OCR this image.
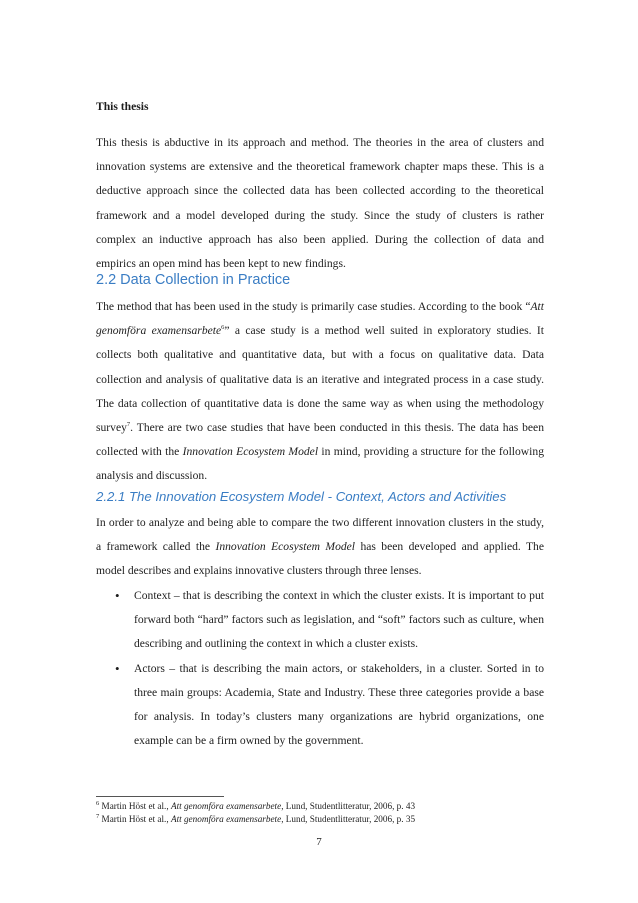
This thesis

This thesis is abductive in its approach and method. The theories in the area of clusters and innovation systems are extensive and the theoretical framework chapter maps these. This is a deductive approach since the collected data has been collected according to the theoretical framework and a model developed during the study. Since the study of clusters is rather complex an inductive approach has also been applied. During the collection of data and empirics an open mind has been kept to new findings.

2.2 Data Collection in Practice

The method that has been used in the study is primarily case studies. According to the book “Att genomföra examensarbete$^6$” a case study is a method well suited in exploratory studies. It collects both qualitative and quantitative data, but with a focus on qualitative data. Data collection and analysis of qualitative data is an iterative and integrated process in a case study. The data collection of quantitative data is done the same way as when using the methodology survey$^7$. There are two case studies that have been conducted in this thesis. The data has been collected with the Innovation Ecosystem Model in mind, providing a structure for the following analysis and discussion.

2.2.1 The Innovation Ecosystem Model - Context, Actors and Activities

In order to analyze and being able to compare the two different innovation clusters in the study, a framework called the Innovation Ecosystem Model has been developed and applied. The model describes and explains innovative clusters through three lenses.

• Context – that is describing the context in which the cluster exists. It is important to put forward both “hard” factors such as legislation, and “soft” factors such as culture, when describing and outlining the context in which a cluster exists.
• Actors – that is describing the main actors, or stakeholders, in a cluster. Sorted in to three main groups: Academia, State and Industry. These three categories provide a base for analysis. In today’s clusters many organizations are hybrid organizations, one example can be a firm owned by the government.

$^6$ Martin Höst et al., Att genomföra examensarbete, Lund, Studentlitteratur, 2006, p. 43

$^7$ Martin Höst et al., Att genomföra examensarbete, Lund, Studentlitteratur, 2006, p. 35

7
